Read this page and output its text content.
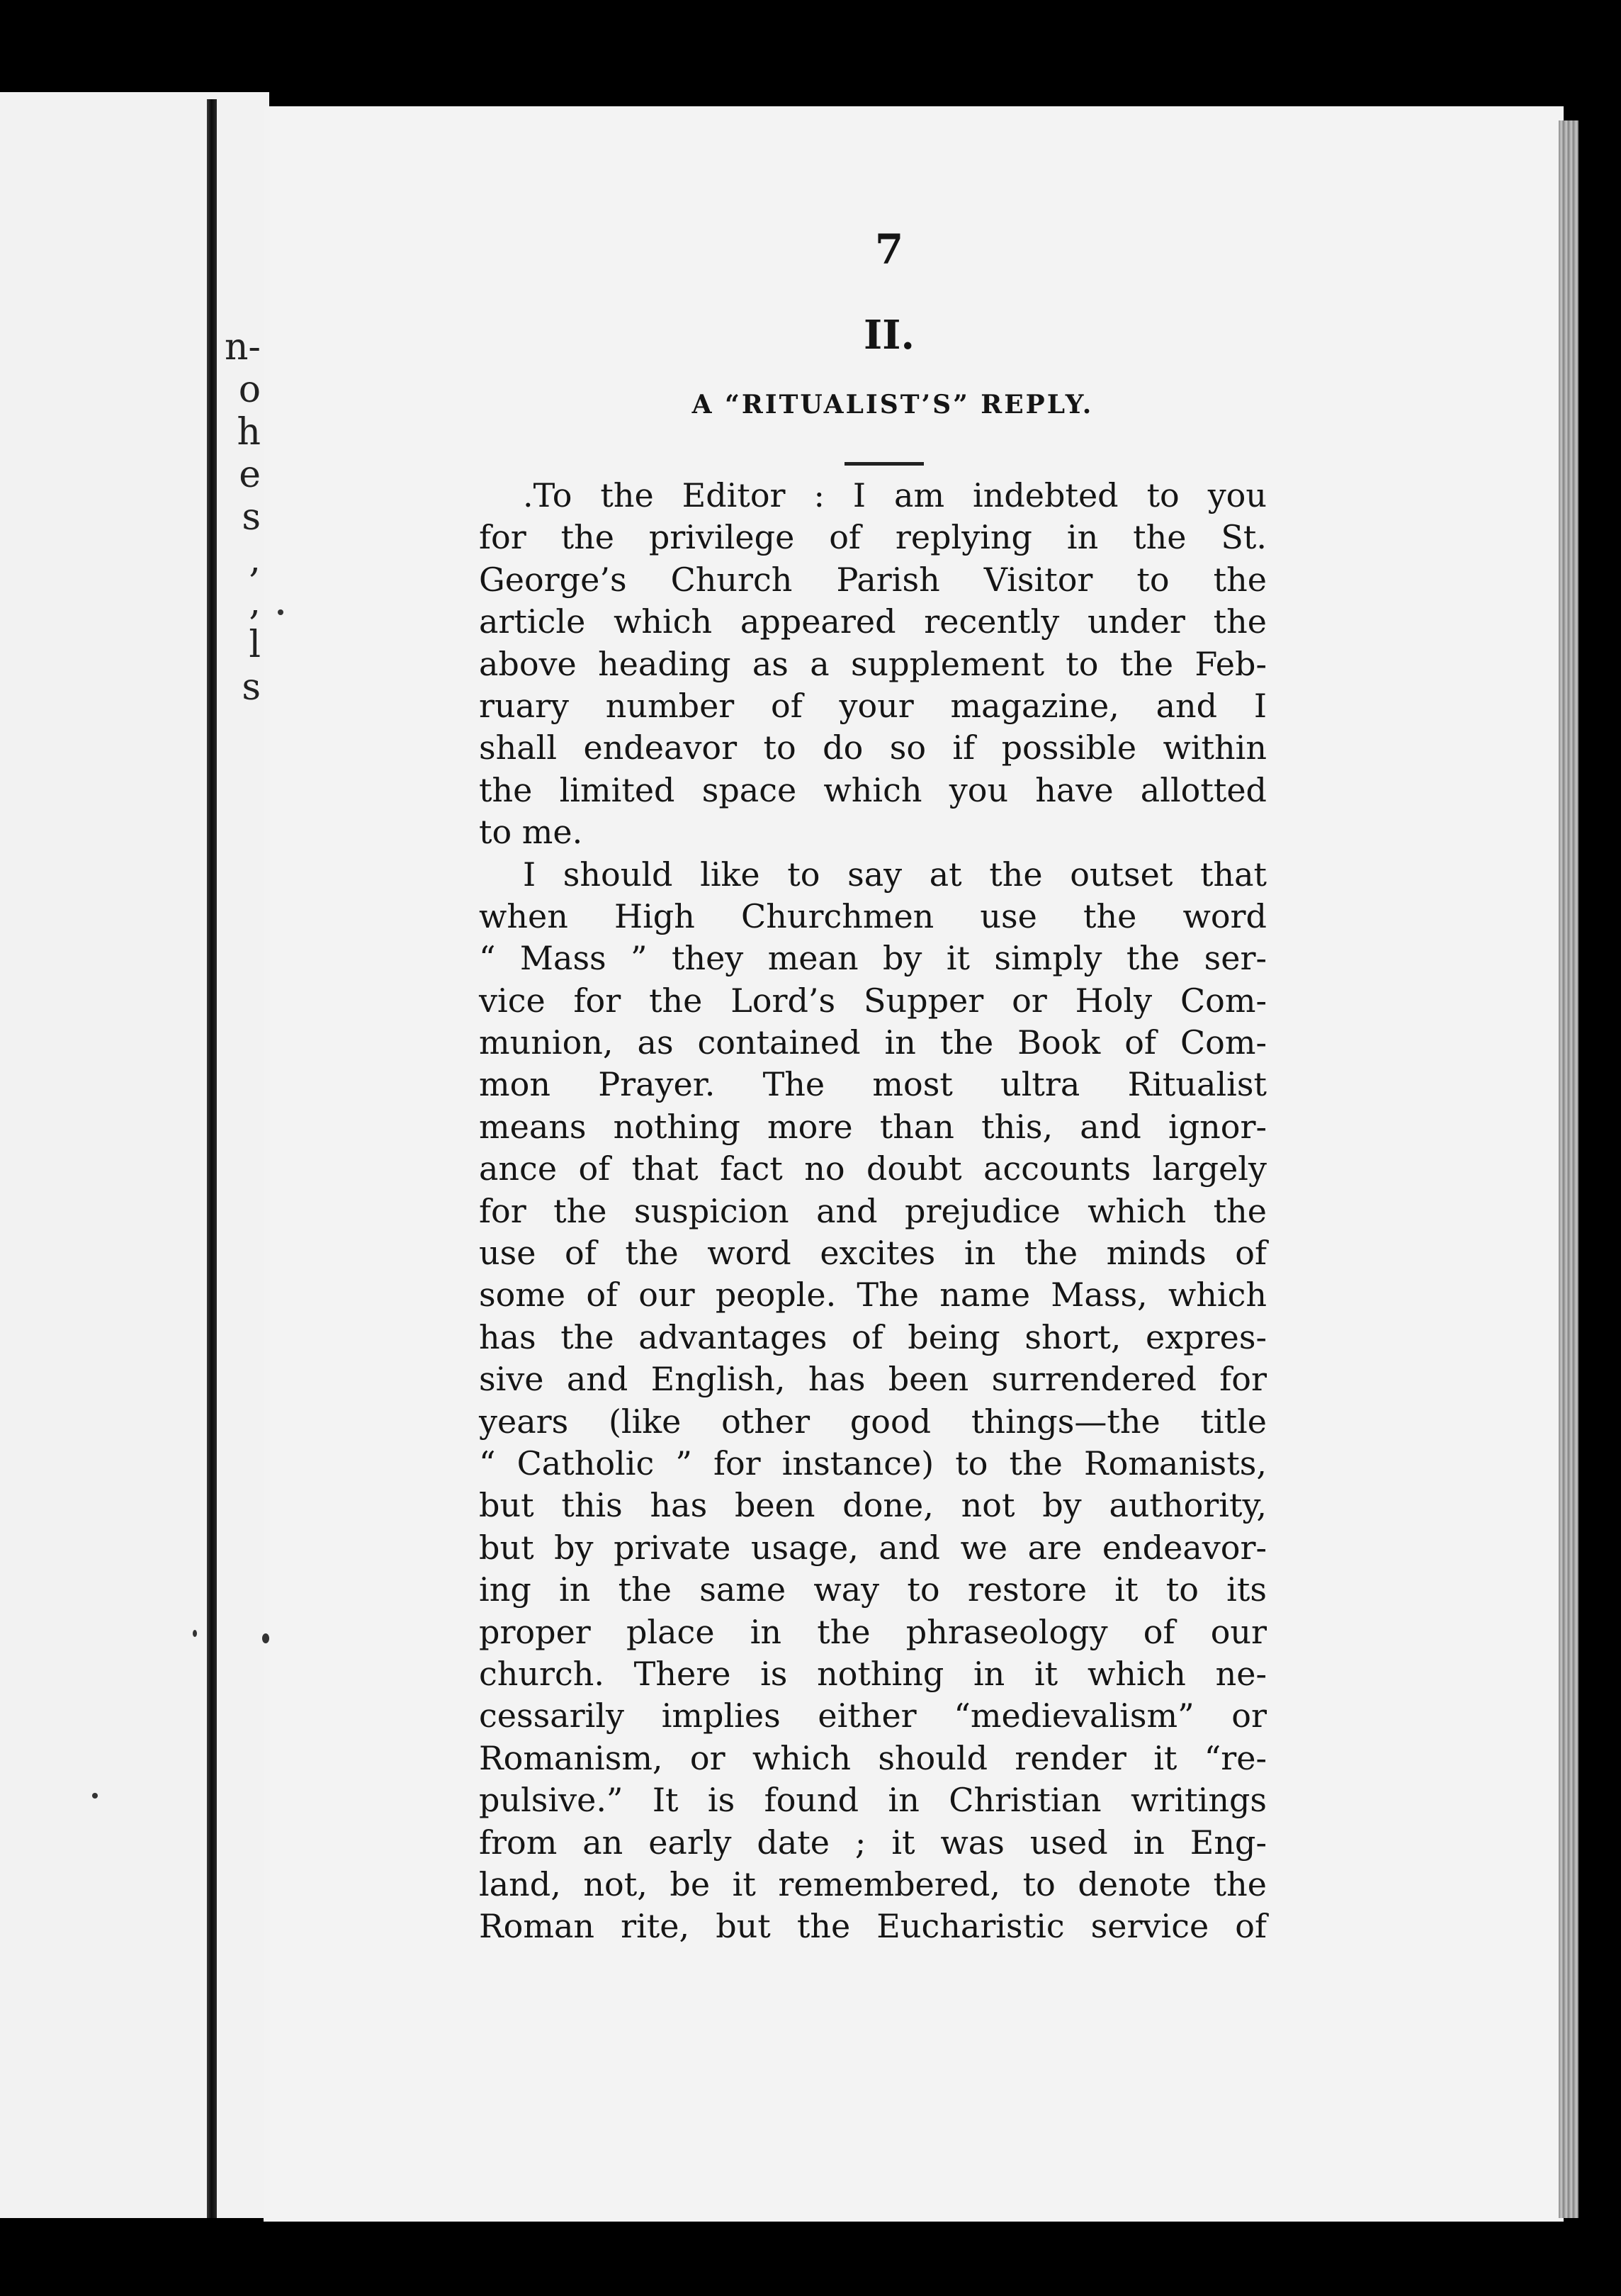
n-
o
h
e
s
,
,
l
s
7
II.
A “RITUALIST’S” REPLY.
.To the Editor : I am indebted to you
for the privilege of replying in the St.
George’s Church Parish Visitor to the
article which appeared recently under the
above heading as a supplement to the Feb-
ruary number of your magazine, and I
shall endeavor to do so if possible within
the limited space which you have allotted
to me.
I should like to say at the outset that
when High Churchmen use the word
“ Mass ” they mean by it simply the ser-
vice for the Lord’s Supper or Holy Com-
munion, as contained in the Book of Com-
mon Prayer. The most ultra Ritualist
means nothing more than this, and ignor-
ance of that fact no doubt accounts largely
for the suspicion and prejudice which the
use of the word excites in the minds of
some of our people. The name Mass, which
has the advantages of being short, expres-
sive and English, has been surrendered for
years (like other good things—the title
“ Catholic ” for instance) to the Romanists,
but this has been done, not by authority,
but by private usage, and we are endeavor-
ing in the same way to restore it to its
proper place in the phraseology of our
church. There is nothing in it which ne-
cessarily implies either “medievalism” or
Romanism, or which should render it “re-
pulsive.” It is found in Christian writings
from an early date ; it was used in Eng-
land, not, be it remembered, to denote the
Roman rite, but the Eucharistic service of
